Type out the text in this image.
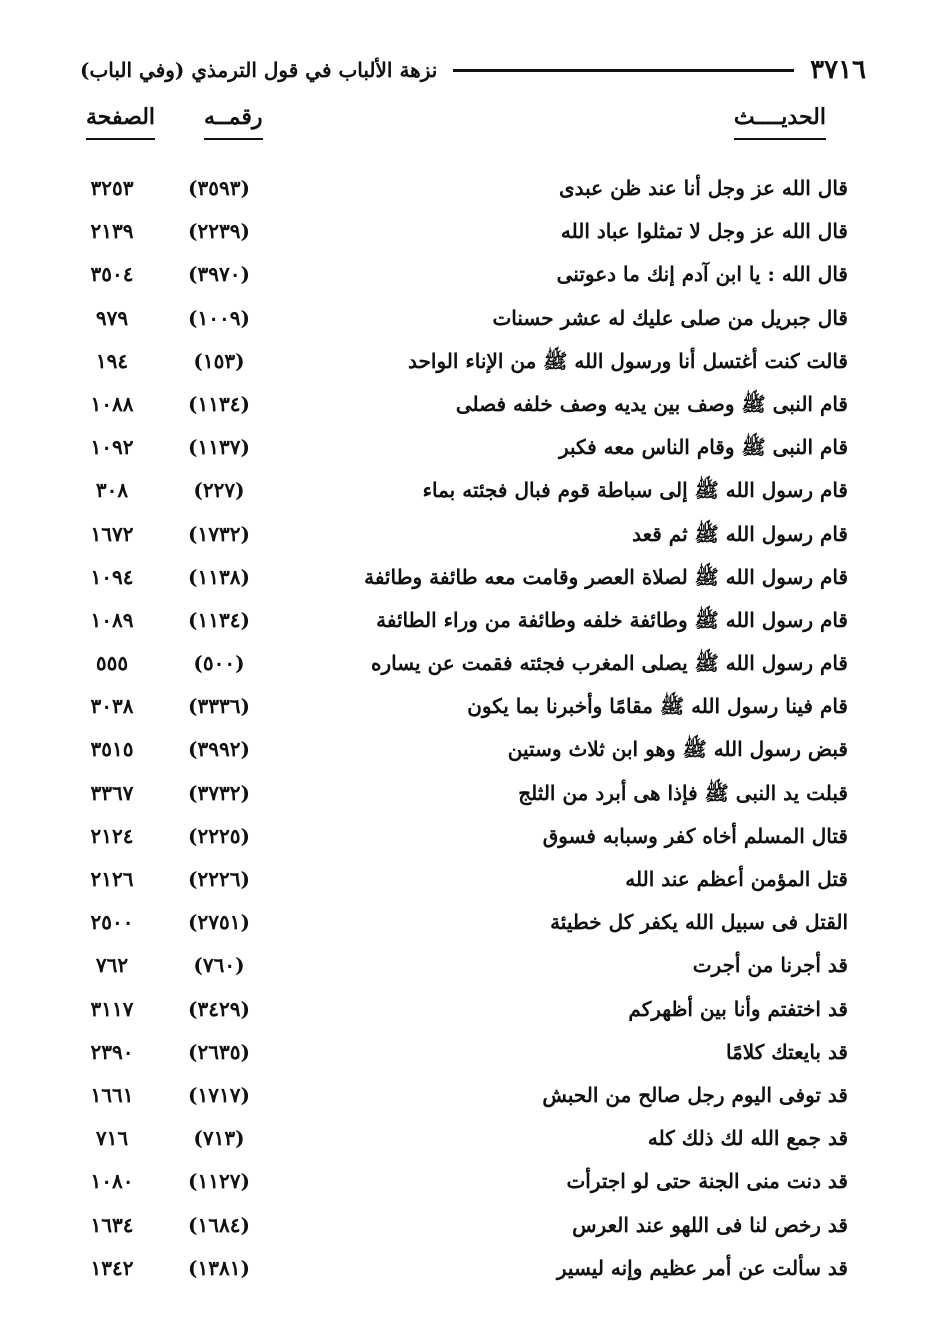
٣٧١٦
نزهة الألباب في قول الترمذي (وفي الباب)
الحديــــث
رقمــه
الصفحة
قال الله عز وجل أنا عند ظن عبدى
(٣٥٩٣)
٣٢٥٣
قال الله عز وجل لا تمثلوا عباد الله
(٢٢٣٩)
٢١٣٩
قال الله : يا ابن آدم إنك ما دعوتنى
(٣٩٧٠)
٣٥٠٤
قال جبريل من صلى عليك له عشر حسنات
(١٠٠٩)
٩٧٩
قالت كنت أغتسل أنا ورسول الله ﷺ من الإناء الواحد
(١٥٣)
١٩٤
قام النبى ﷺ وصف بين يديه وصف خلفه فصلى
(١١٣٤)
١٠٨٨
قام النبى ﷺ وقام الناس معه فكبر
(١١٣٧)
١٠٩٢
قام رسول الله ﷺ إلى سباطة قوم فبال فجئته بماء
(٢٢٧)
٣٠٨
قام رسول الله ﷺ ثم قعد
(١٧٣٢)
١٦٧٢
قام رسول الله ﷺ لصلاة العصر وقامت معه طائفة وطائفة
(١١٣٨)
١٠٩٤
قام رسول الله ﷺ وطائفة خلفه وطائفة من وراء الطائفة
(١١٣٤)
١٠٨٩
قام رسول الله ﷺ يصلى المغرب فجئته فقمت عن يساره
(٥٠٠)
٥٥٥
قام فينا رسول الله ﷺ مقامًا وأخبرنا بما يكون
(٣٣٣٦)
٣٠٣٨
قبض رسول الله ﷺ وهو ابن ثلاث وستين
(٣٩٩٢)
٣٥١٥
قبلت يد النبى ﷺ فإذا هى أبرد من الثلج
(٣٧٣٢)
٣٣٦٧
قتال المسلم أخاه كفر وسبابه فسوق
(٢٢٢٥)
٢١٢٤
قتل المؤمن أعظم عند الله
(٢٢٢٦)
٢١٢٦
القتل فى سبيل الله يكفر كل خطيئة
(٢٧٥١)
٢٥٠٠
قد أجرنا من أجرت
(٧٦٠)
٧٦٢
قد اختفتم وأنا بين أظهركم
(٣٤٢٩)
٣١١٧
قد بايعتك كلامًا
(٢٦٣٥)
٢٣٩٠
قد توفى اليوم رجل صالح من الحبش
(١٧١٧)
١٦٦١
قد جمع الله لك ذلك كله
(٧١٣)
٧١٦
قد دنت منى الجنة حتى لو اجترأت
(١١٢٧)
١٠٨٠
قد رخص لنا فى اللهو عند العرس
(١٦٨٤)
١٦٣٤
قد سألت عن أمر عظيم وإنه ليسير
(١٣٨١)
١٣٤٢
